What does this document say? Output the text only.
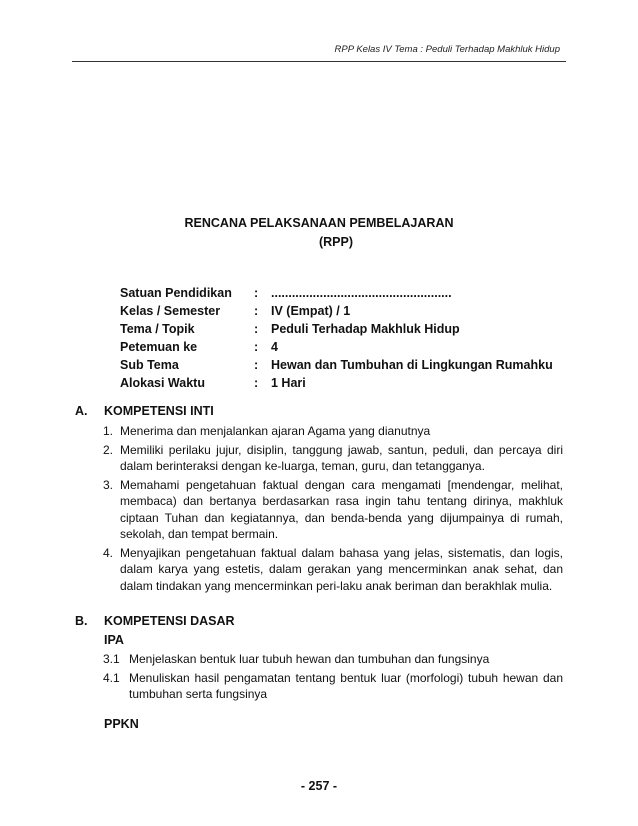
RPP Kelas IV Tema : Peduli Terhadap Makhluk Hidup
RENCANA PELAKSANAAN PEMBELAJARAN
(RPP)
Satuan Pendidikan : ....................................................
Kelas / Semester	: IV (Empat) / 1
Tema / Topik	: Peduli Terhadap Makhluk Hidup
Petemuan ke	: 4
Sub Tema	: Hewan dan Tumbuhan di Lingkungan Rumahku
Alokasi Waktu	: 1 Hari
A. KOMPETENSI INTI
1. Menerima dan menjalankan ajaran Agama yang dianutnya
2. Memiliki perilaku jujur, disiplin, tanggung jawab, santun, peduli, dan percaya diri dalam berinteraksi dengan ke-luarga, teman, guru, dan tetangganya.
3. Memahami pengetahuan faktual dengan cara mengamati [mendengar, melihat, membaca) dan bertanya berdasarkan rasa ingin tahu tentang dirinya, makhluk ciptaan Tuhan dan kegiatannya, dan benda-benda yang dijumpainya di rumah, sekolah, dan tempat bermain.
4. Menyajikan pengetahuan faktual dalam bahasa yang jelas, sistematis, dan logis, dalam karya yang estetis, dalam gerakan yang mencerminkan anak sehat, dan dalam tindakan yang mencerminkan peri-laku anak beriman dan berakhlak mulia.
B. KOMPETENSI DASAR
IPA
3.1 Menjelaskan bentuk luar tubuh hewan dan tumbuhan dan fungsinya
4.1 Menuliskan hasil pengamatan tentang bentuk luar (morfologi) tubuh hewan dan tumbuhan serta fungsinya
PPKN
- 257 -
